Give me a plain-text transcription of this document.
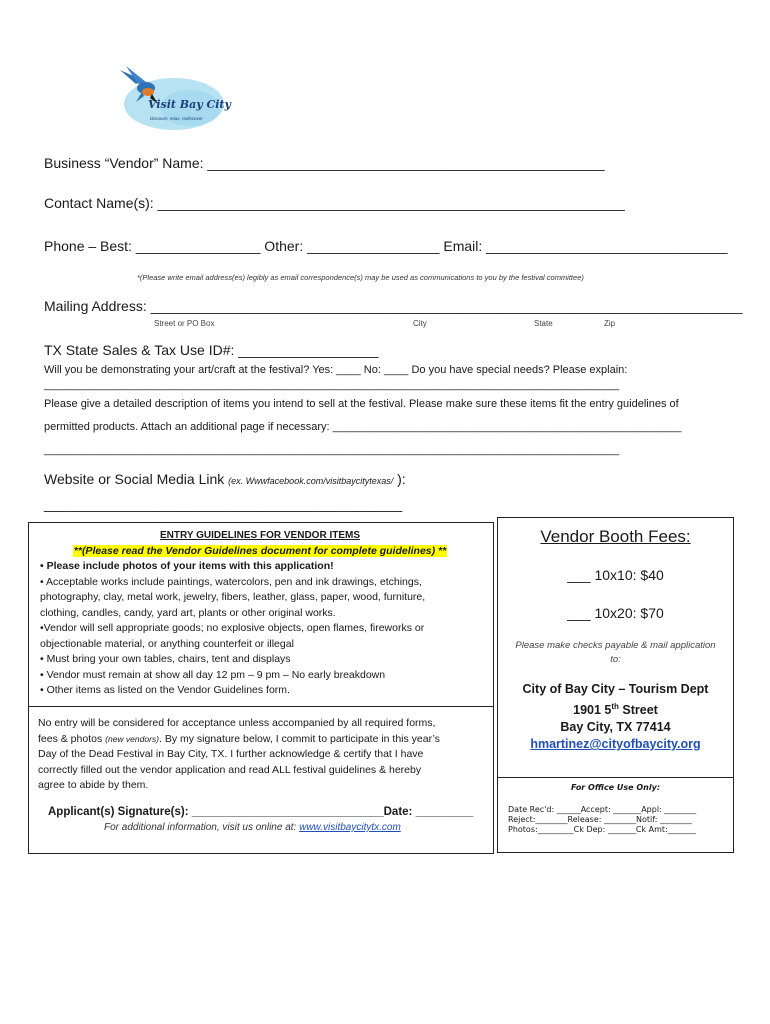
Visit Bay City
Discover, relax, rediscover
Business “Vendor” Name: ___________________________________________________
Contact Name(s): ____________________________________________________________
Phone – Best: ________________ Other: _________________ Email: _______________________________
*(Please write email address(es) legibly as email correspondence(s) may be used as communications to you by the festival committee)
Mailing Address: ____________________________________________________________________________
Street or PO Box	City	State	Zip
TX State Sales & Tax Use ID#: __________________
Will you be demonstrating your art/craft at the festival? Yes: ____ No: ____ Do you have special needs? Please explain:
______________________________________________________________________________________________
Please give a detailed description of items you intend to sell at the festival. Please make sure these items fit the entry guidelines of
permitted products. Attach an additional page if necessary: _________________________________________________________
______________________________________________________________________________________________
Website or Social Media Link (ex. Wwwfacebook.com/visitbaycitytexas/ ):
______________________________________________
ENTRY GUIDELINES FOR VENDOR ITEMS
**(Please read the Vendor Guidelines document for complete guidelines) **
• Please include photos of your items with this application!
• Acceptable works include paintings, watercolors, pen and ink drawings, etchings,
photography, clay, metal work, jewelry, fibers, leather, glass, paper, wood, furniture,
clothing, candles, candy, yard art, plants or other original works.
•Vendor will sell appropriate goods; no explosive objects, open flames, fireworks or
objectionable material, or anything counterfeit or illegal
• Must bring your own tables, chairs, tent and displays
• Vendor must remain at show all day 12 pm – 9 pm – No early breakdown
• Other items as listed on the Vendor Guidelines form.
No entry will be considered for acceptance unless accompanied by all required forms,
fees & photos (new vendors). By my signature below, I commit to participate in this year’s
Day of the Dead Festival in Bay City, TX. I further acknowledge & certify that I have
correctly filled out the vendor application and read ALL festival guidelines & hereby
agree to abide by them.
Applicant(s) Signature(s): ______________________________Date: _________
For additional information, visit us online at: www.visitbaycitytx.com
Vendor Booth Fees:
___ 10x10: $40
___ 10x20: $70
Please make checks payable & mail application
to:
City of Bay City – Tourism Dept
1901 5th Street
Bay City, TX 77414
hmartinez@cityofbaycity.org
For Office Use Only:
Date Rec'd: ______Accept: _______Appl: ________
Reject:________Release: ________Notif: ________
Photos:_________Ck Dep: _______Ck Amt:_______
